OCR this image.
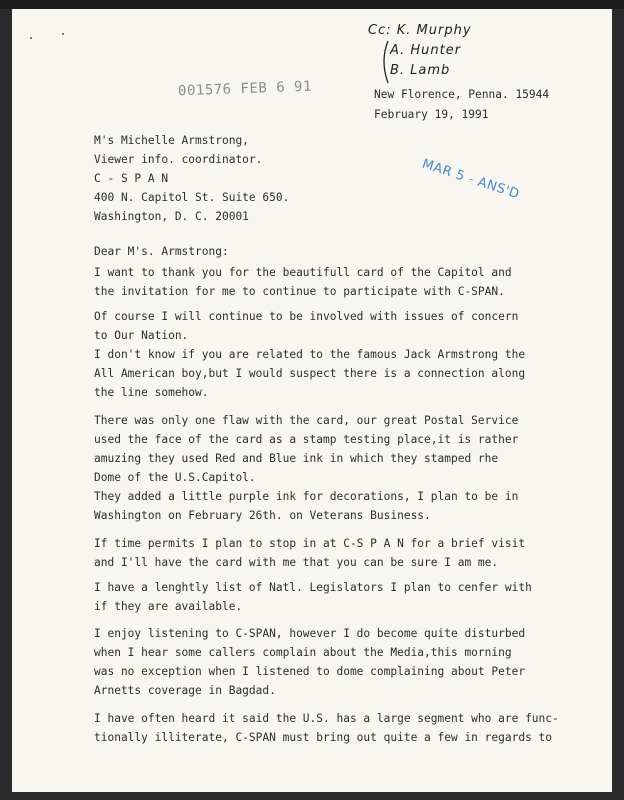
001576 FEB 6 91
Cc: K. Murphy
A. Hunter
B. Lamb
MAR 5 - ANS'D
New Florence, Penna. 15944
February 19, 1991
M's Michelle Armstrong,
Viewer info. coordinator.
C - S P A N
400 N. Capitol St. Suite 650.
Washington, D. C. 20001
Dear M's. Armstrong:
I want to thank you for the beautifull card of the Capitol and
the invitation for me to continue to participate with C-SPAN.
Of course I will continue to be involved with issues of concern
to Our Nation.
I don't know if you are related to the famous Jack Armstrong the
All American boy,but I would suspect there is a connection along
the line somehow.
There was only one flaw with the card, our great Postal Service
used the face of the card as a stamp testing place,it is rather
amuzing they used Red and Blue ink in which they stamped rhe
Dome of the U.S.Capitol.
They added a little purple ink for decorations, I plan to be in
Washington on February 26th. on Veterans Business.
If time permits I plan to stop in at C-S P A N for a brief visit
and I'll have the card with me that you can be sure I am me.
I have a lenghtly list of Natl. Legislators I plan to cenfer with
if they are available.
I enjoy listening to C-SPAN, however I do become quite disturbed
when I hear some callers complain about the Media,this morning
was no exception when I listened to dome complaining about Peter
Arnetts coverage in Bagdad.
I have often heard it said the U.S. has a large segment who are func-
tionally illiterate, C-SPAN must bring out quite a few in regards to
